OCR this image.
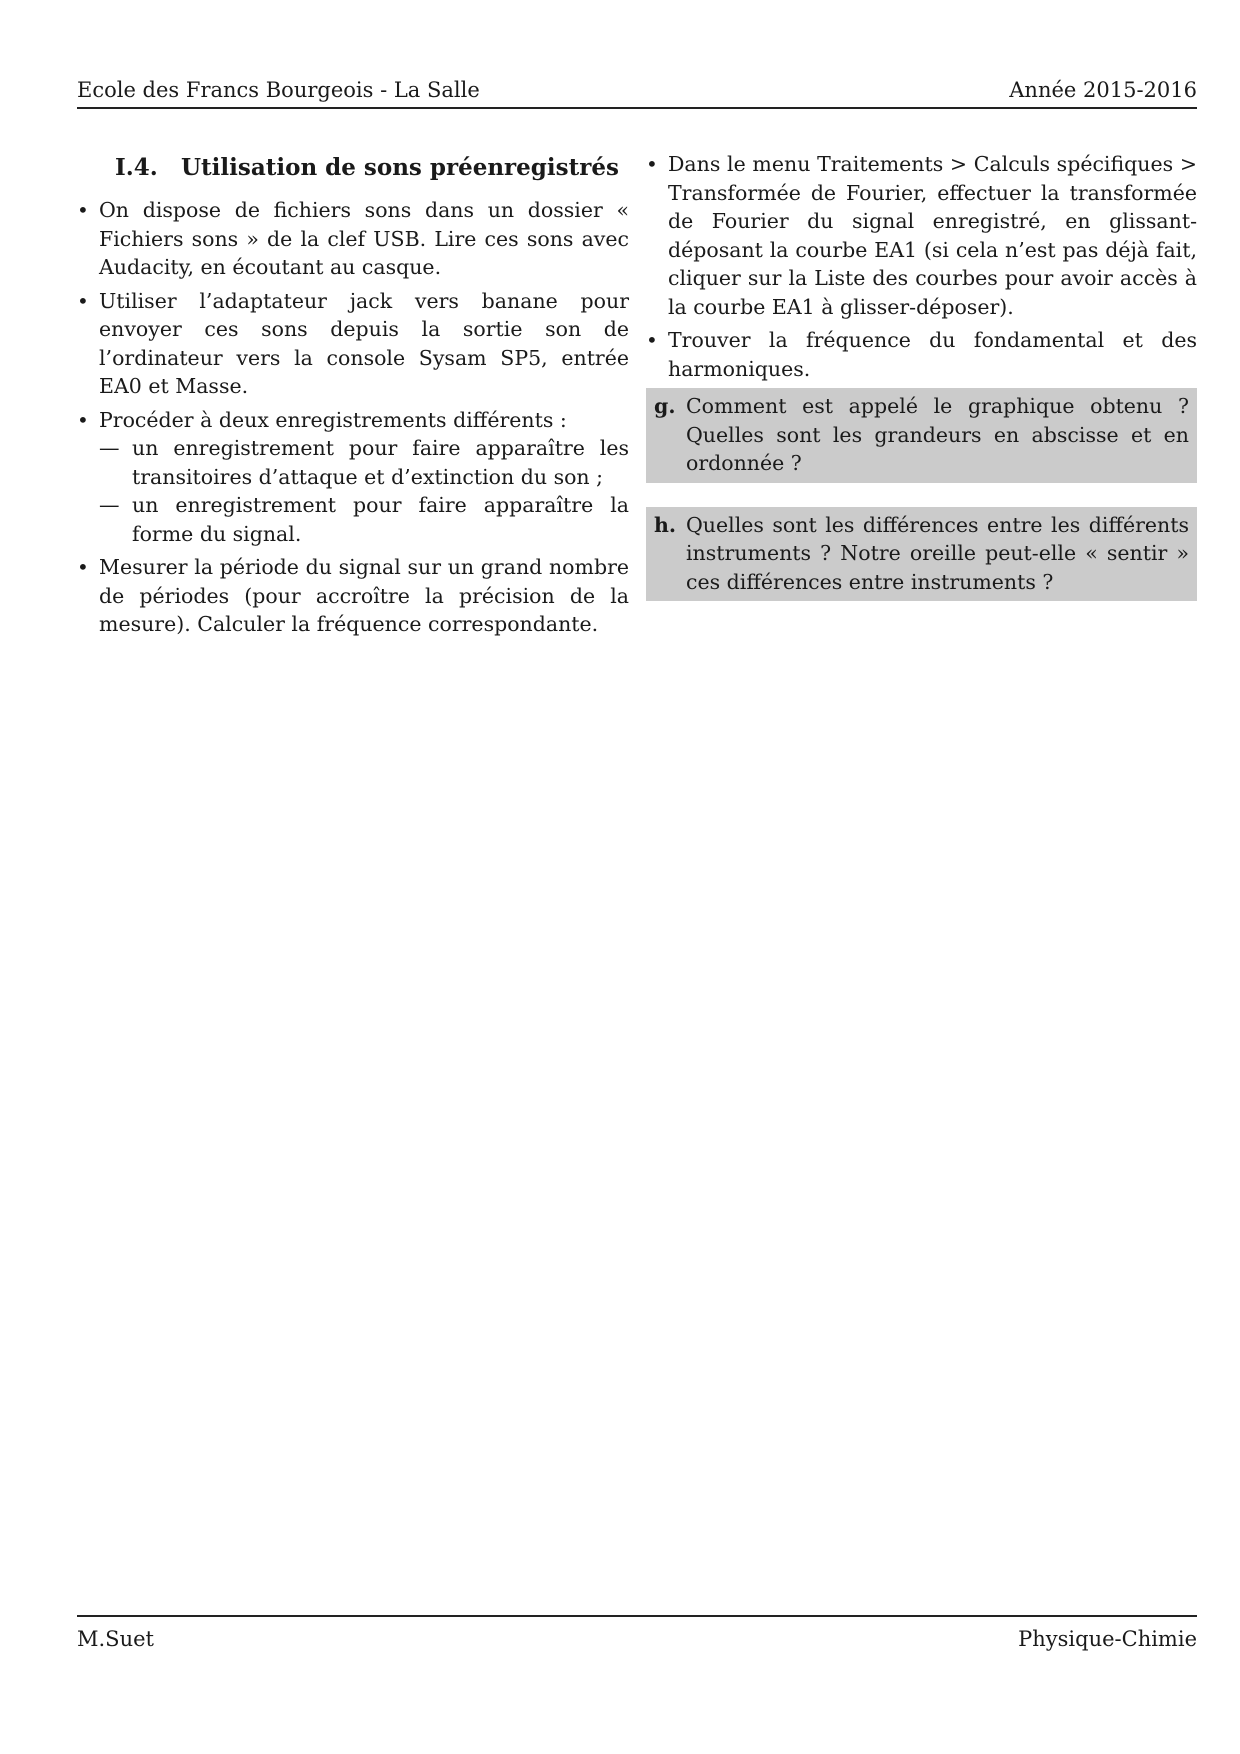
Ecole des Francs Bourgeois - La Salle	Année 2015-2016
I.4.	Utilisation de sons préenregistrés
• On dispose de fichiers sons dans un dossier « Fichiers sons » de la clef USB. Lire ces sons avec Audacity, en écoutant au casque.
• Utiliser l’adaptateur jack vers banane pour envoyer ces sons depuis la sortie son de l’ordinateur vers la console Sysam SP5, entrée EA0 et Masse.
• Procéder à deux enregistrements différents :
— un enregistrement pour faire apparaître les transitoires d’attaque et d’extinction du son ;
— un enregistrement pour faire apparaître la forme du signal.
• Mesurer la période du signal sur un grand nombre de périodes (pour accroître la précision de la mesure). Calculer la fréquence correspondante.
• Dans le menu Traitements > Calculs spécifiques > Transformée de Fourier, effectuer la transformée de Fourier du signal enregistré, en glissant-déposant la courbe EA1 (si cela n’est pas déjà fait, cliquer sur la Liste des courbes pour avoir accès à la courbe EA1 à glisser-déposer).
• Trouver la fréquence du fondamental et des harmoniques.
g. Comment est appelé le graphique obtenu ? Quelles sont les grandeurs en abscisse et en ordonnée ?
h. Quelles sont les différences entre les différents instruments ? Notre oreille peut-elle « sentir » ces différences entre instruments ?
M.Suet	Physique-Chimie
